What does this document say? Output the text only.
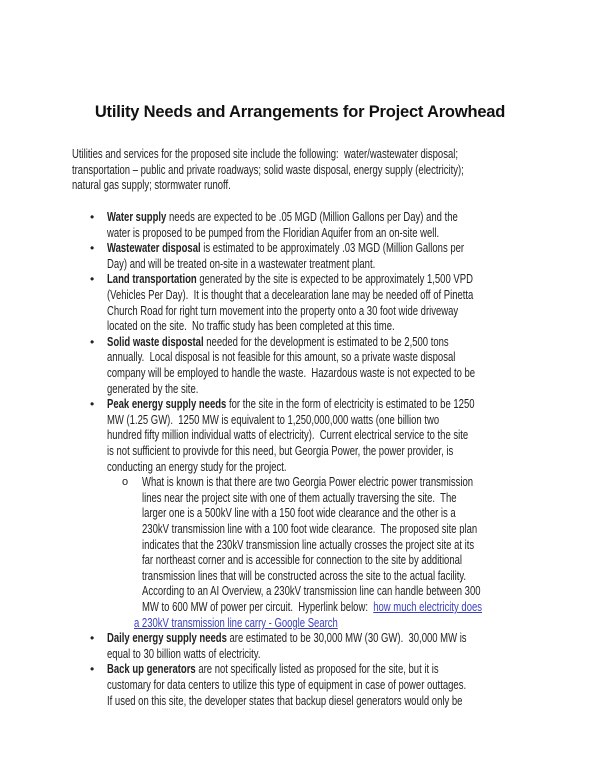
Utility Needs and Arrangements for Project Arowhead
Utilities and services for the proposed site include the following:  water/wastewater disposal;
transportation – public and private roadways; solid waste disposal, energy supply (electricity);
natural gas supply; stormwater runoff.
• Water supply needs are expected to be .05 MGD (Million Gallons per Day) and the
water is proposed to be pumped from the Floridian Aquifer from an on-site well.
• Wastewater disposal is estimated to be approximately .03 MGD (Million Gallons per
Day) and will be treated on-site in a wastewater treatment plant.
• Land transportation generated by the site is expected to be approximately 1,500 VPD
(Vehicles Per Day).  It is thought that a decelearation lane may be needed off of Pinetta
Church Road for right turn movement into the property onto a 30 foot wide driveway
located on the site.  No traffic study has been completed at this time.
• Solid waste dispostal needed for the development is estimated to be 2,500 tons
annually.  Local disposal is not feasible for this amount, so a private waste disposal
company will be employed to handle the waste.  Hazardous waste is not expected to be
generated by the site.
• Peak energy supply needs for the site in the form of electricity is estimated to be 1250
MW (1.25 GW).  1250 MW is equivalent to 1,250,000,000 watts (one billion two
hundred fifty million individual watts of electricity).  Current electrical service to the site
is not sufficient to provivde for this need, but Georgia Power, the power provider, is
conducting an energy study for the project.
o What is known is that there are two Georgia Power electric power transmission
lines near the project site with one of them actually traversing the site.  The
larger one is a 500kV line with a 150 foot wide clearance and the other is a
230kV transmission line with a 100 foot wide clearance.  The proposed site plan
indicates that the 230kV transmission line actually crosses the project site at its
far northeast corner and is accessible for connection to the site by additional
transmission lines that will be constructed across the site to the actual facility.
According to an AI Overview, a 230kV transmission line can handle between 300
MW to 600 MW of power per circuit.  Hyperlink below:  how much electricity does
a 230kV transmission line carry - Google Search
• Daily energy supply needs are estimated to be 30,000 MW (30 GW).  30,000 MW is
equal to 30 billion watts of electricity.
• Back up generators are not specifically listed as proposed for the site, but it is
customary for data centers to utilize this type of equipment in case of power outtages.
If used on this site, the developer states that backup diesel generators would only be
